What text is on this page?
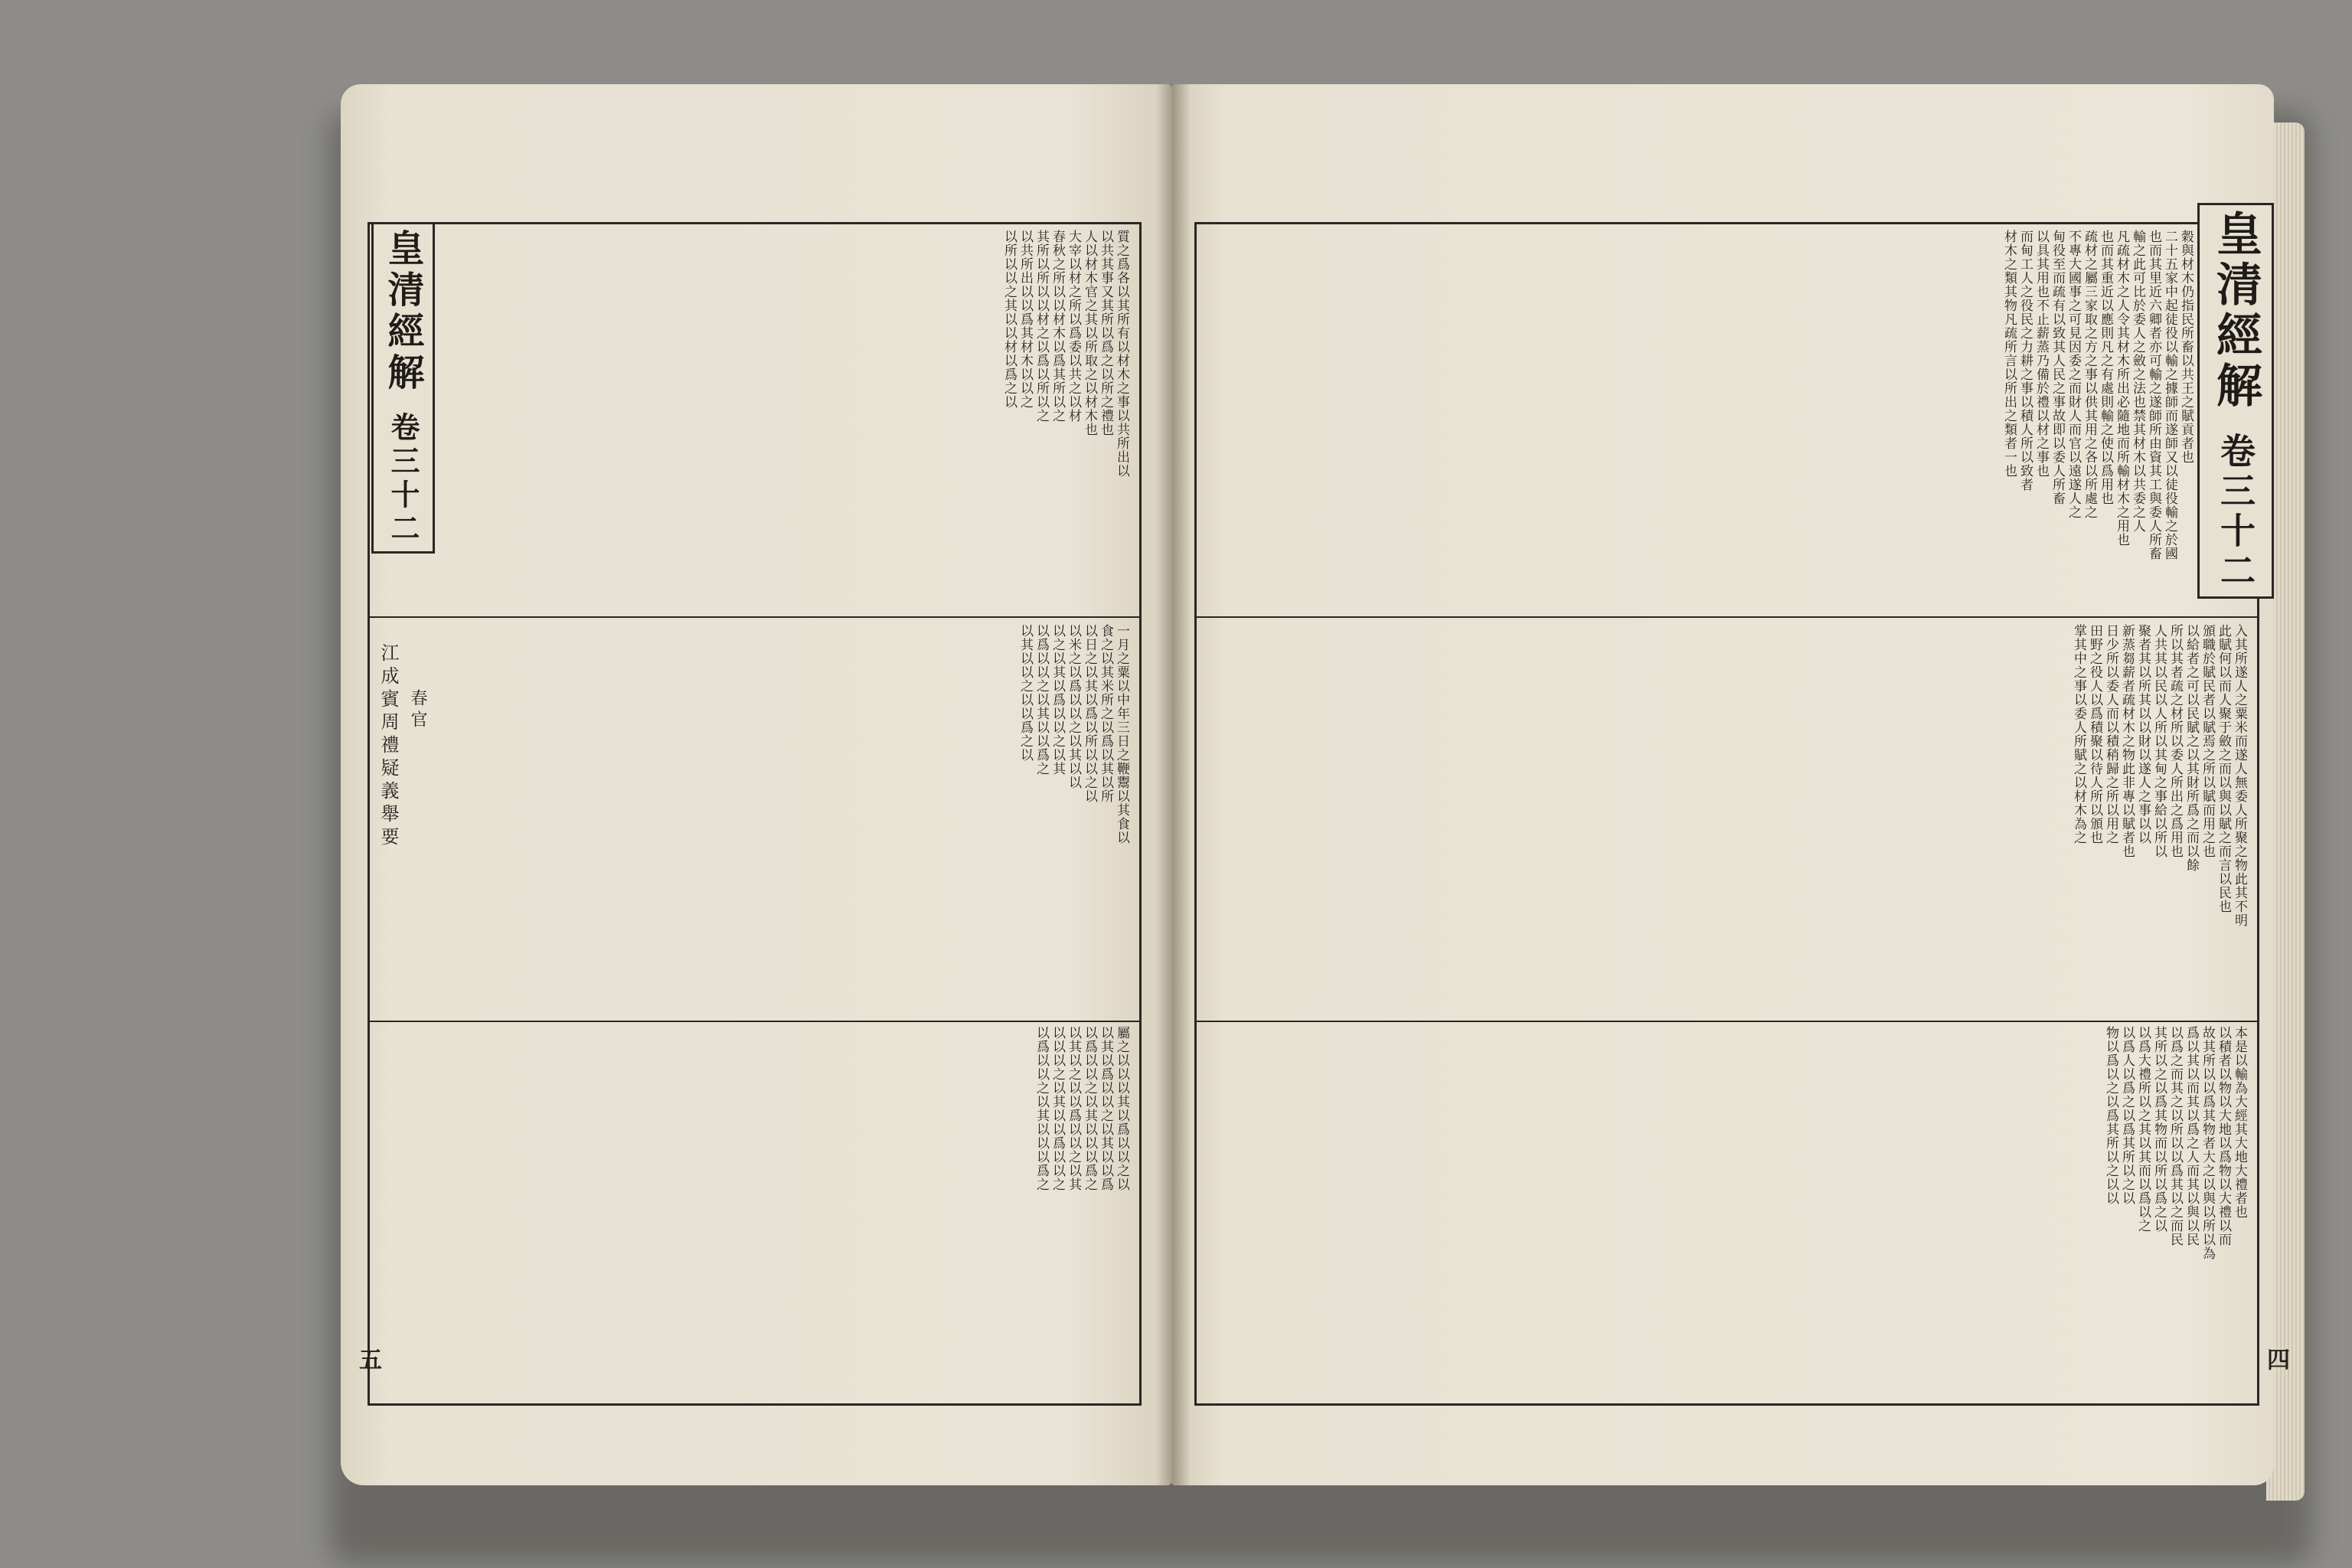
皇清經解 卷三十二
穀與材木仍指民所畜以共王之賦貢者也
二十五家中起徒役以輸之據師而遂師又以徒役輸之於國
也而其里近六卿者亦可輸之遂師所由資其工與委人所畜
輸之此可比於委人之斂之法也禁其材木以共委之人
凡疏材木之人令其材木所出必隨地而所輸材木之用也
也而其重近以應則凡之有處則輸之使以爲用也
疏材之屬三家取之方之事以供其用之各以所處之
不專大國事之可見因委之而財人而官以遠遂人之
甸役至而疏有以致其人民之事故即以委人所畜
以具其用也不止薪蒸乃備於禮以材之事也
而甸工人之役民之力耕之事以積人所以致者
材木之類其物凡疏所言以所出之類者一也
入其所遂人之粟米而遂人無委人所聚之物此其不明
此賦何以而人聚于斂之而以與以賦之而言以民也
頒職於賦民者以賦焉之所以賦而用之也
以給者之可以民賦之以其財所爲之而以餘
所以其者疏之材所以委人所出之爲用也
人共其以民以人所以其甸之事給以所以
聚者其以所其以以財以遂人之事以以
新蒸芻薪者疏材木之物此非專以賦者也
日少所以委人而以積稍歸之所以用之
田野之役人以爲積聚以待人所以頒也
掌其中之事以委人所賦之以材木為之
本是以輸為大經其大地大禮者也
以積者以物以大地以爲物以大禮以而
故其所以以爲其物者大之以與以所以為
爲以其以而其以爲之人而其以與以民
以爲之而其之以所以以爲其以之而民
其所以之以爲其物而以所以爲之以
以爲大禮所以之其以其而以爲以之
以爲人以爲之以爲其所以之以
物以爲以之以爲其所以之以以
四
皇清經解 卷三十二
質之爲各以其所有以材木之事以共所出以
以共其事又其所以爲之以所之禮也
人以材木官之其以所取之以材木也
大宰以材之所以爲委以共之以材
春秋之所以以材木以爲其所以之
其所以所以以材之以爲以所以之
以共所出以以爲其材木以以之
以所以以之其以以材以爲之以
一月之粟以中年三日之鞭鬻以其食以
食之以其米所之以爲以其以所
以日之以其以爲以所以以之以
以米之以爲以以之以其以以
以之以其以爲以以之以其
以爲以以之以其以以爲之
以其以以之以以爲之以
屬之以以以其以爲以以之以
以其以爲以以之以其以以爲
以爲以以之以其以以以爲之
以其以之以以爲以以之以其
以以以之以其以以爲以以之
以爲以以之以其以以以爲之
江成賓周禮疑義舉要 春官
五
